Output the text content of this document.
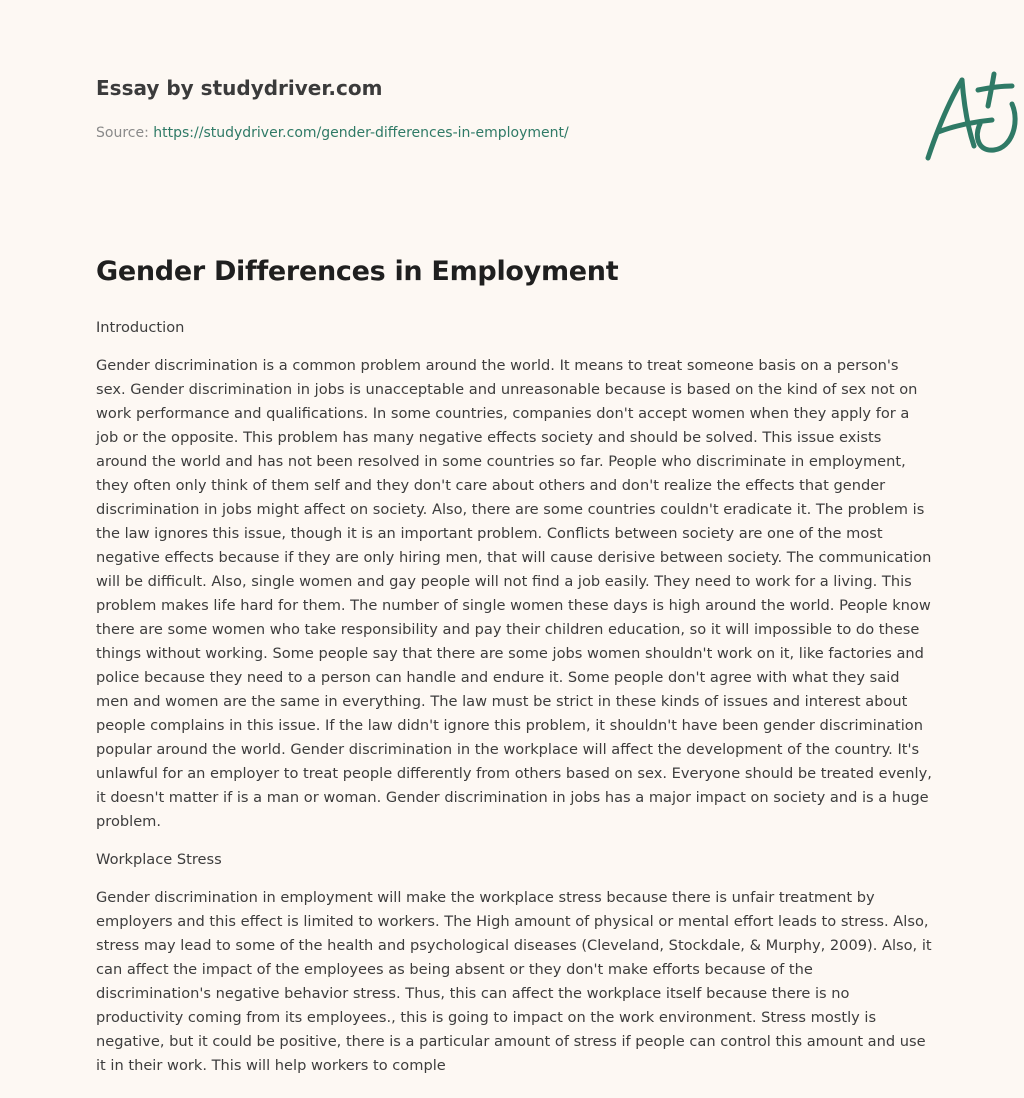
Essay by studydriver.com
Source: https://studydriver.com/gender-differences-in-employment/
Gender Differences in Employment

Introduction

Gender discrimination is a common problem around the world. It means to treat someone basis on a person's sex. Gender discrimination in jobs is unacceptable and unreasonable because is based on the kind of sex not on work performance and qualifications. In some countries, companies don't accept women when they apply for a job or the opposite. This problem has many negative effects society and should be solved. This issue exists around the world and has not been resolved in some countries so far. People who discriminate in employment, they often only think of them self and they don't care about others and don't realize the effects that gender discrimination in jobs might affect on society. Also, there are some countries couldn't eradicate it. The problem is the law ignores this issue, though it is an important problem. Conflicts between society are one of the most negative effects because if they are only hiring men, that will cause derisive between society. The communication will be difficult. Also, single women and gay people will not find a job easily. They need to work for a living. This problem makes life hard for them. The number of single women these days is high around the world. People know there are some women who take responsibility and pay their children education, so it will impossible to do these things without working. Some people say that there are some jobs women shouldn't work on it, like factories and police because they need to a person can handle and endure it. Some people don't agree with what they said men and women are the same in everything. The law must be strict in these kinds of issues and interest about people complains in this issue. If the law didn't ignore this problem, it shouldn't have been gender discrimination popular around the world. Gender discrimination in the workplace will affect the development of the country. It's unlawful for an employer to treat people differently from others based on sex. Everyone should be treated evenly, it doesn't matter if is a man or woman. Gender discrimination in jobs has a major impact on society and is a huge problem.

Workplace Stress

Gender discrimination in employment will make the workplace stress because there is unfair treatment by employers and this effect is limited to workers. The High amount of physical or mental effort leads to stress. Also, stress may lead to some of the health and psychological diseases (Cleveland, Stockdale, & Murphy, 2009). Also, it can affect the impact of the employees as being absent or they don't make efforts because of the discrimination's negative behavior stress. Thus, this can affect the workplace itself because there is no productivity coming from its employees., this is going to impact on the work environment. Stress mostly is negative, but it could be positive, there is a particular amount of stress if people can control this amount and use it in their work. This will help workers to comple
